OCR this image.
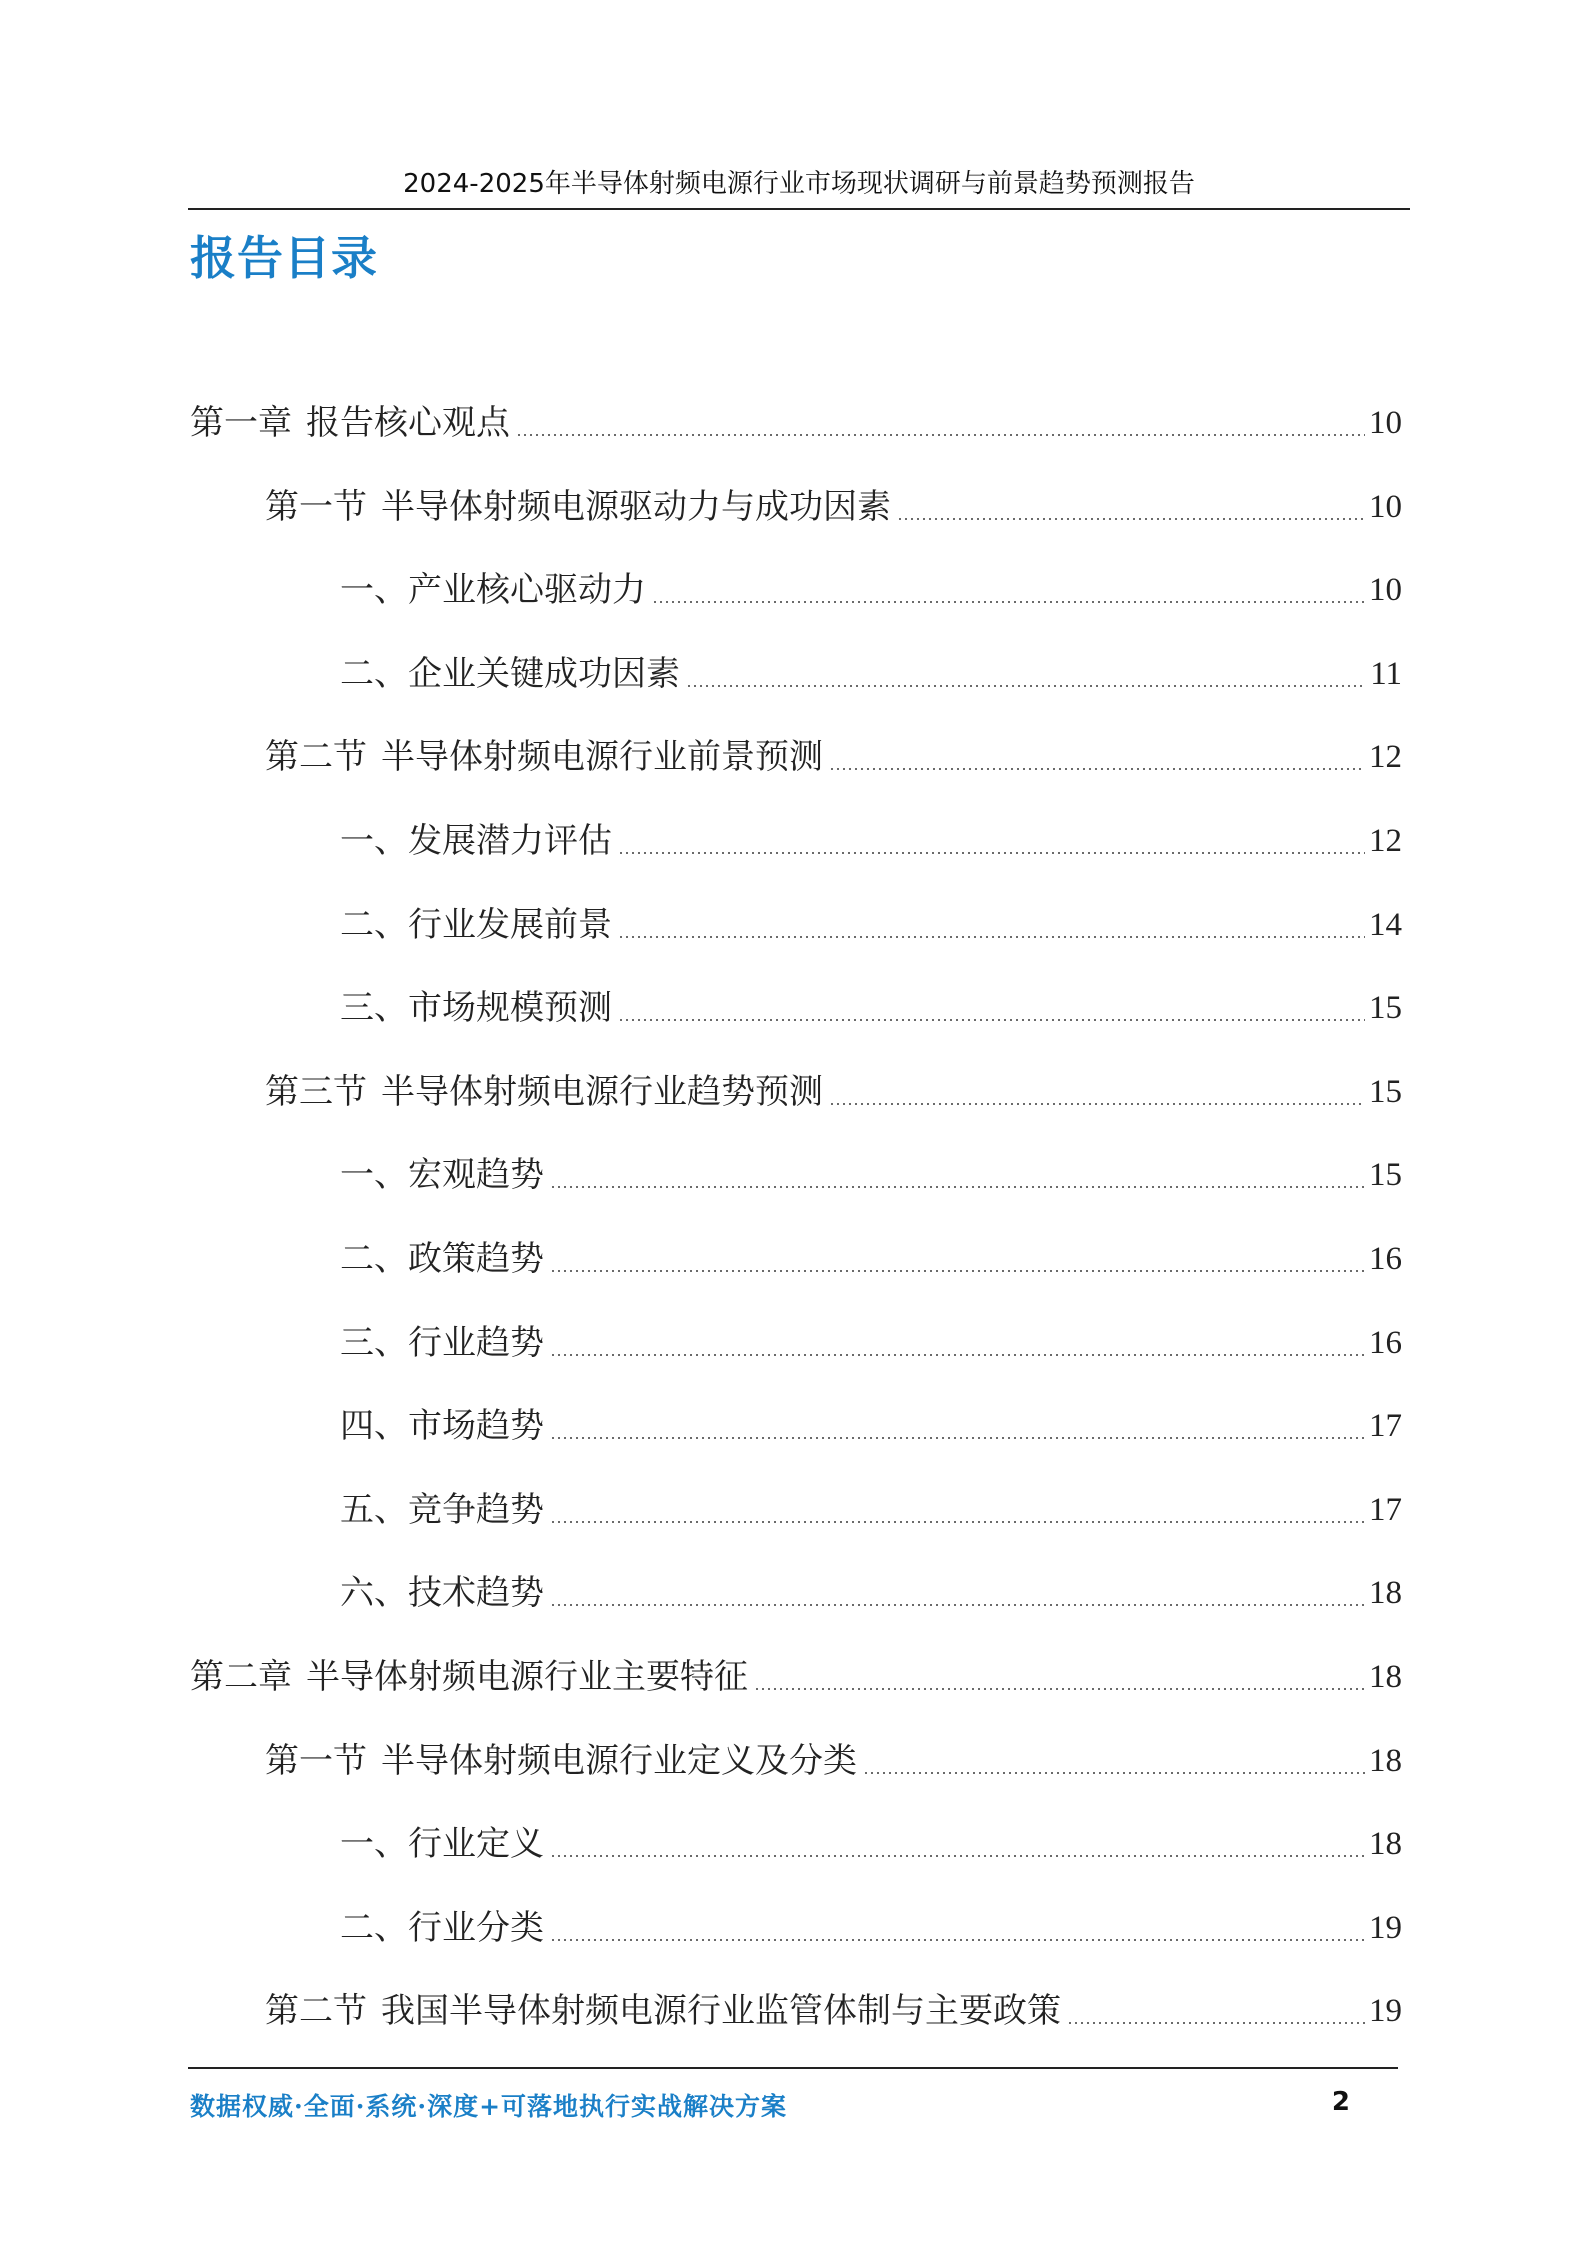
2024-2025年半导体射频电源行业市场现状调研与前景趋势预测报告
报告目录
第一章 报告核心观点	10
第一节 半导体射频电源驱动力与成功因素	10
一、产业核心驱动力	10
二、企业关键成功因素	11
第二节 半导体射频电源行业前景预测	12
一、发展潜力评估	12
二、行业发展前景	14
三、市场规模预测	15
第三节 半导体射频电源行业趋势预测	15
一、宏观趋势	15
二、政策趋势	16
三、行业趋势	16
四、市场趋势	17
五、竞争趋势	17
六、技术趋势	18
第二章 半导体射频电源行业主要特征	18
第一节 半导体射频电源行业定义及分类	18
一、行业定义	18
二、行业分类	19
第二节 我国半导体射频电源行业监管体制与主要政策	19
数据权威·全面·系统·深度+可落地执行实战解决方案	2
